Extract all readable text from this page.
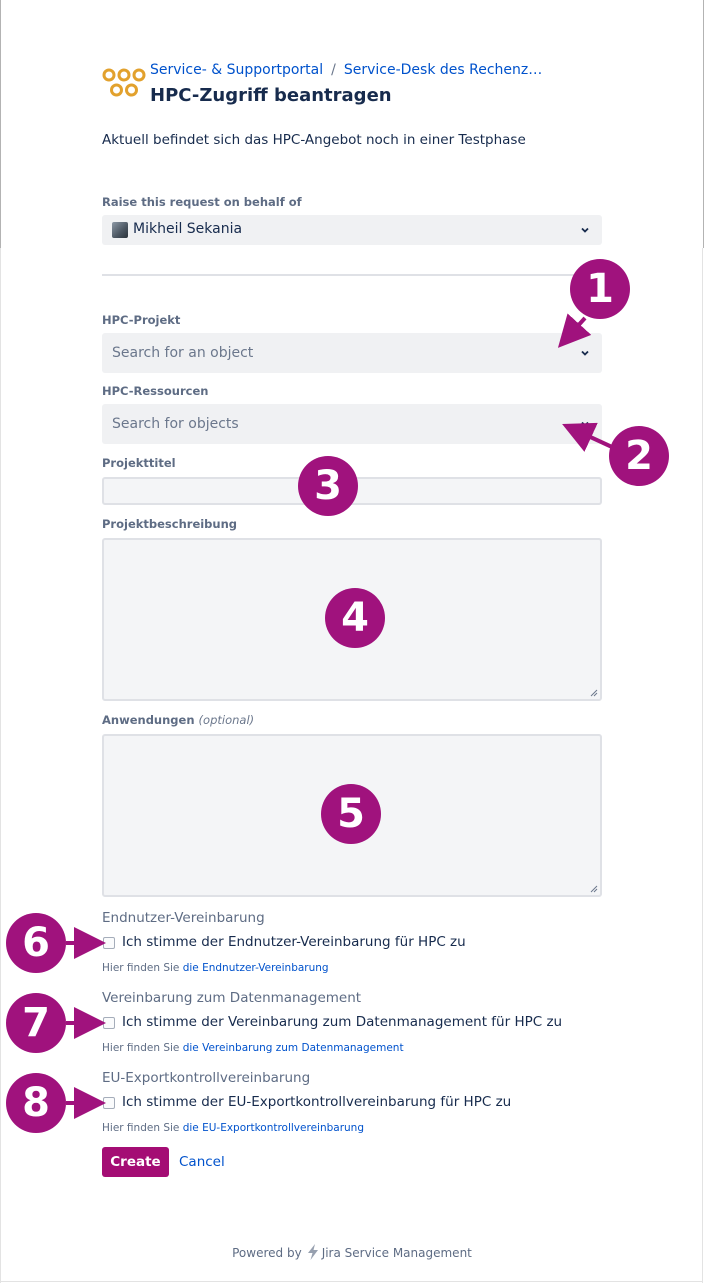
Service- & Supportportal / Service-Desk des Rechenz…
HPC-Zugriff beantragen
Aktuell befindet sich das HPC-Angebot noch in einer Testphase
Raise this request on behalf of
Mikheil Sekania
HPC-Projekt
Search for an object
HPC-Ressourcen
Search for objects
Projekttitel
Projektbeschreibung
Anwendungen (optional)
Endnutzer-Vereinbarung
Ich stimme der Endnutzer-Vereinbarung für HPC zu
Hier finden Sie die Endnutzer-Vereinbarung
Vereinbarung zum Datenmanagement
Ich stimme der Vereinbarung zum Datenmanagement für HPC zu
Hier finden Sie die Vereinbarung zum Datenmanagement
EU-Exportkontrollvereinbarung
Ich stimme der EU-Exportkontrollvereinbarung für HPC zu
Hier finden Sie die EU-Exportkontrollvereinbarung
Create	Cancel
Powered by Jira Service Management
1
2
3
4
5
6
7
8
